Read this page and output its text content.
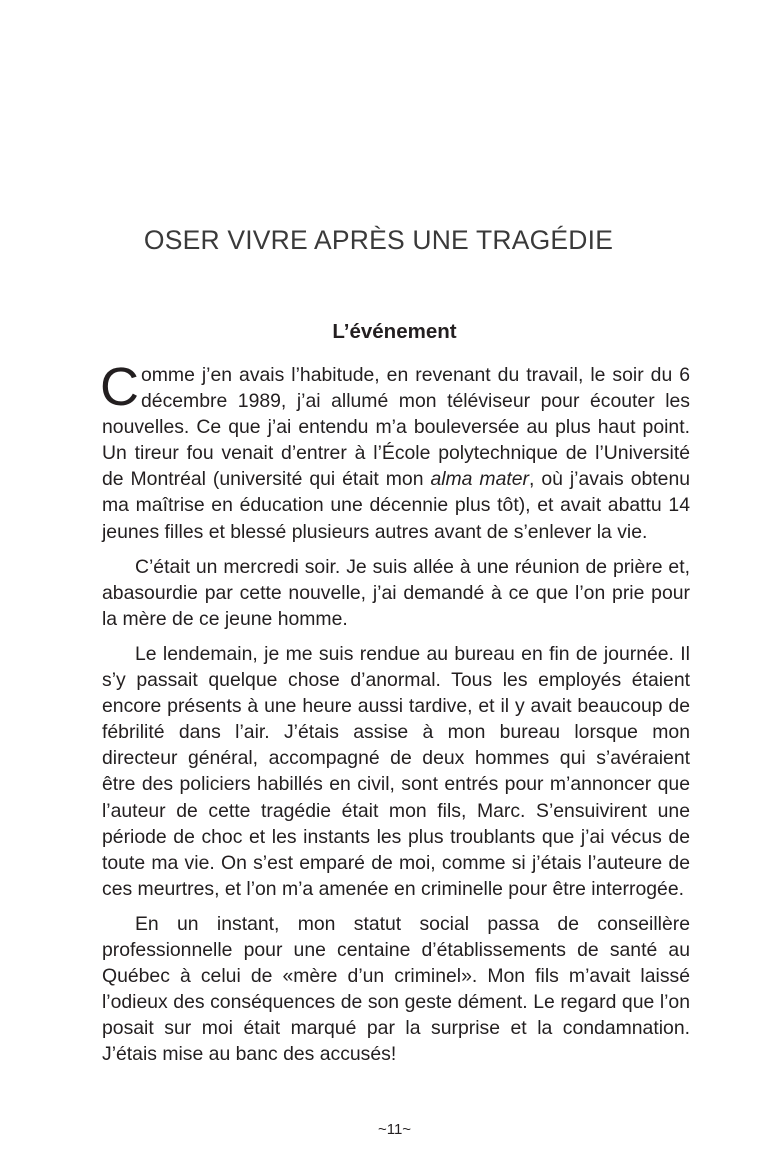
OSER VIVRE APRÈS UNE TRAGÉDIE
L’événement

Comme j’en avais l’habitude, en revenant du travail, le soir du 6 décembre 1989, j’ai allumé mon téléviseur pour écouter les nouvelles. Ce que j’ai entendu m’a bouleversée au plus haut point. Un tireur fou venait d’entrer à l’École polytechnique de l’Université de Montréal (université qui était mon alma mater, où j’avais obtenu ma maîtrise en éducation une décennie plus tôt), et avait abattu 14 jeunes filles et blessé plusieurs autres avant de s’enlever la vie.

C’était un mercredi soir. Je suis allée à une réunion de prière et, abasourdie par cette nouvelle, j’ai demandé à ce que l’on prie pour la mère de ce jeune homme.

Le lendemain, je me suis rendue au bureau en fin de journée. Il s’y passait quelque chose d’anormal. Tous les employés étaient encore présents à une heure aussi tardive, et il y avait beaucoup de fébrilité dans l’air. J’étais assise à mon bureau lorsque mon directeur général, accompagné de deux hommes qui s’avéraient être des policiers habillés en civil, sont entrés pour m’annoncer que l’auteur de cette tragédie était mon fils, Marc. S’ensuivirent une période de choc et les instants les plus troublants que j’ai vécus de toute ma vie. On s’est emparé de moi, comme si j’étais l’auteure de ces meurtres, et l’on m’a amenée en criminelle pour être interrogée.

En un instant, mon statut social passa de conseillère professionnelle pour une centaine d’établissements de santé au Québec à celui de «mère d’un criminel». Mon fils m’avait laissé l’odieux des conséquences de son geste dément. Le regard que l’on posait sur moi était marqué par la surprise et la condamnation. J’étais mise au banc des accusés!

~11~
